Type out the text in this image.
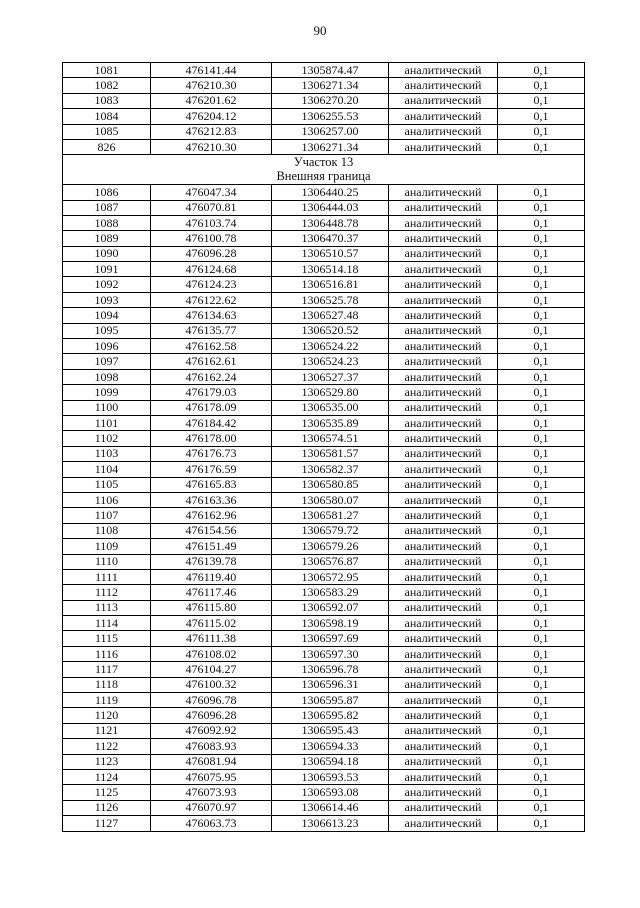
90
1081	476141.44	1305874.47	аналитический	0,1
1082	476210.30	1306271.34	аналитический	0,1
1083	476201.62	1306270.20	аналитический	0,1
1084	476204.12	1306255.53	аналитический	0,1
1085	476212.83	1306257.00	аналитический	0,1
826	476210.30	1306271.34	аналитический	0,1
Участок 13				
Внешняя граница				
1086	476047.34	1306440.25	аналитический	0,1
1087	476070.81	1306444.03	аналитический	0,1
1088	476103.74	1306448.78	аналитический	0,1
1089	476100.78	1306470.37	аналитический	0,1
1090	476096.28	1306510.57	аналитический	0,1
1091	476124.68	1306514.18	аналитический	0,1
1092	476124.23	1306516.81	аналитический	0,1
1093	476122.62	1306525.78	аналитический	0,1
1094	476134.63	1306527.48	аналитический	0,1
1095	476135.77	1306520.52	аналитический	0,1
1096	476162.58	1306524.22	аналитический	0,1
1097	476162.61	1306524.23	аналитический	0,1
1098	476162.24	1306527.37	аналитический	0,1
1099	476179.03	1306529.80	аналитический	0,1
1100	476178.09	1306535.00	аналитический	0,1
1101	476184.42	1306535.89	аналитический	0,1
1102	476178.00	1306574.51	аналитический	0,1
1103	476176.73	1306581.57	аналитический	0,1
1104	476176.59	1306582.37	аналитический	0,1
1105	476165.83	1306580.85	аналитический	0,1
1106	476163.36	1306580.07	аналитический	0,1
1107	476162.96	1306581.27	аналитический	0,1
1108	476154.56	1306579.72	аналитический	0,1
1109	476151.49	1306579.26	аналитический	0,1
1110	476139.78	1306576.87	аналитический	0,1
1111	476119.40	1306572.95	аналитический	0,1
1112	476117.46	1306583.29	аналитический	0,1
1113	476115.80	1306592.07	аналитический	0,1
1114	476115.02	1306598.19	аналитический	0,1
1115	476111.38	1306597.69	аналитический	0,1
1116	476108.02	1306597.30	аналитический	0,1
1117	476104.27	1306596.78	аналитический	0,1
1118	476100.32	1306596.31	аналитический	0,1
1119	476096.78	1306595.87	аналитический	0,1
1120	476096.28	1306595.82	аналитический	0,1
1121	476092.92	1306595.43	аналитический	0,1
1122	476083.93	1306594.33	аналитический	0,1
1123	476081.94	1306594.18	аналитический	0,1
1124	476075.95	1306593.53	аналитический	0,1
1125	476073.93	1306593.08	аналитический	0,1
1126	476070.97	1306614.46	аналитический	0,1
1127	476063.73	1306613.23	аналитический	0,1
